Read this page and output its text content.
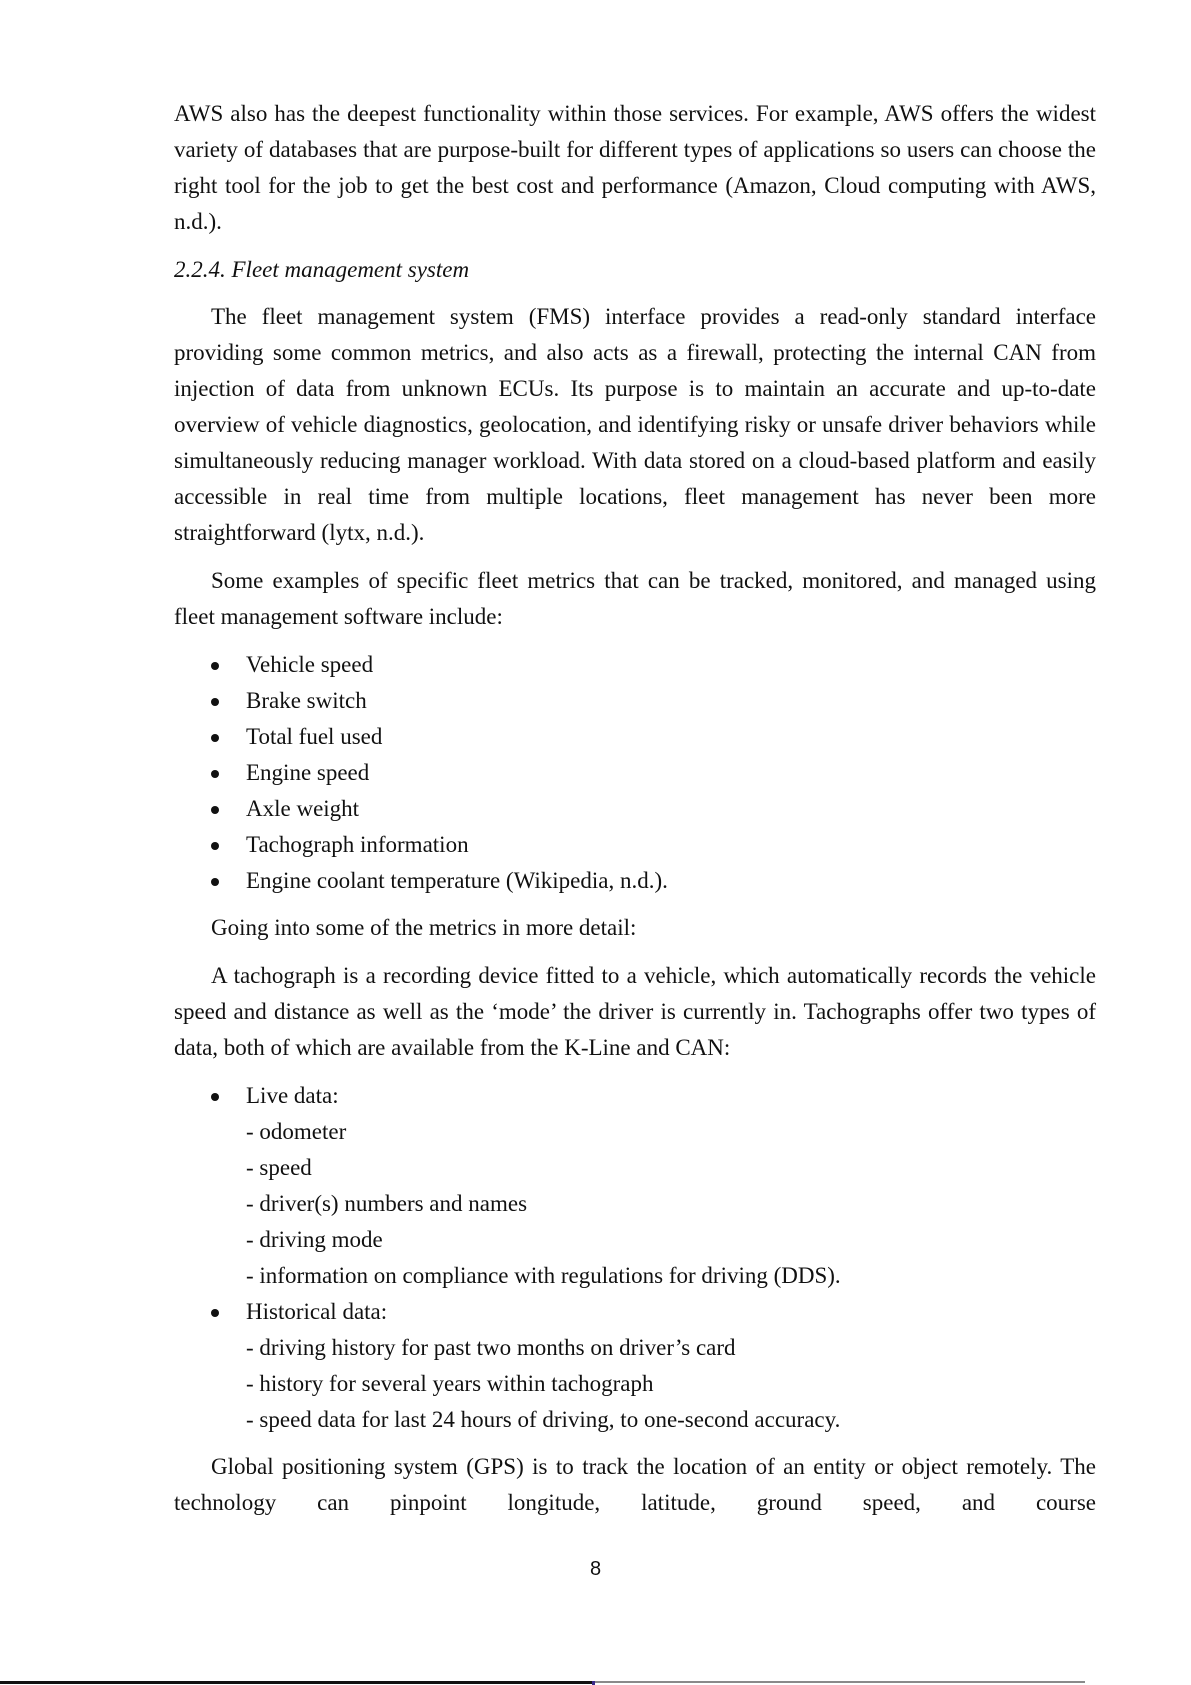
AWS also has the deepest functionality within those services. For example, AWS offers the widest variety of databases that are purpose-built for different types of applications so users can choose the right tool for the job to get the best cost and performance (Amazon, Cloud computing with AWS, n.d.).

2.2.4. Fleet management system

The fleet management system (FMS) interface provides a read-only standard interface providing some common metrics, and also acts as a firewall, protecting the internal CAN from injection of data from unknown ECUs. Its purpose is to maintain an accurate and up-to-date overview of vehicle diagnostics, geolocation, and identifying risky or unsafe driver behaviors while simultaneously reducing manager workload. With data stored on a cloud-based platform and easily accessible in real time from multiple locations, fleet management has never been more straightforward (lytx, n.d.).

Some examples of specific fleet metrics that can be tracked, monitored, and managed using fleet management software include:

Vehicle speed
Brake switch
Total fuel used
Engine speed
Axle weight
Tachograph information
Engine coolant temperature (Wikipedia, n.d.).

Going into some of the metrics in more detail:

A tachograph is a recording device fitted to a vehicle, which automatically records the vehicle speed and distance as well as the ‘mode’ the driver is currently in. Tachographs offer two types of data, both of which are available from the K-Line and CAN:

Live data:
- odometer
- speed
- driver(s) numbers and names
- driving mode
- information on compliance with regulations for driving (DDS).
Historical data:
- driving history for past two months on driver’s card
- history for several years within tachograph
- speed data for last 24 hours of driving, to one-second accuracy.

Global positioning system (GPS) is to track the location of an entity or object remotely. The technology can pinpoint longitude, latitude, ground speed, and course

8
